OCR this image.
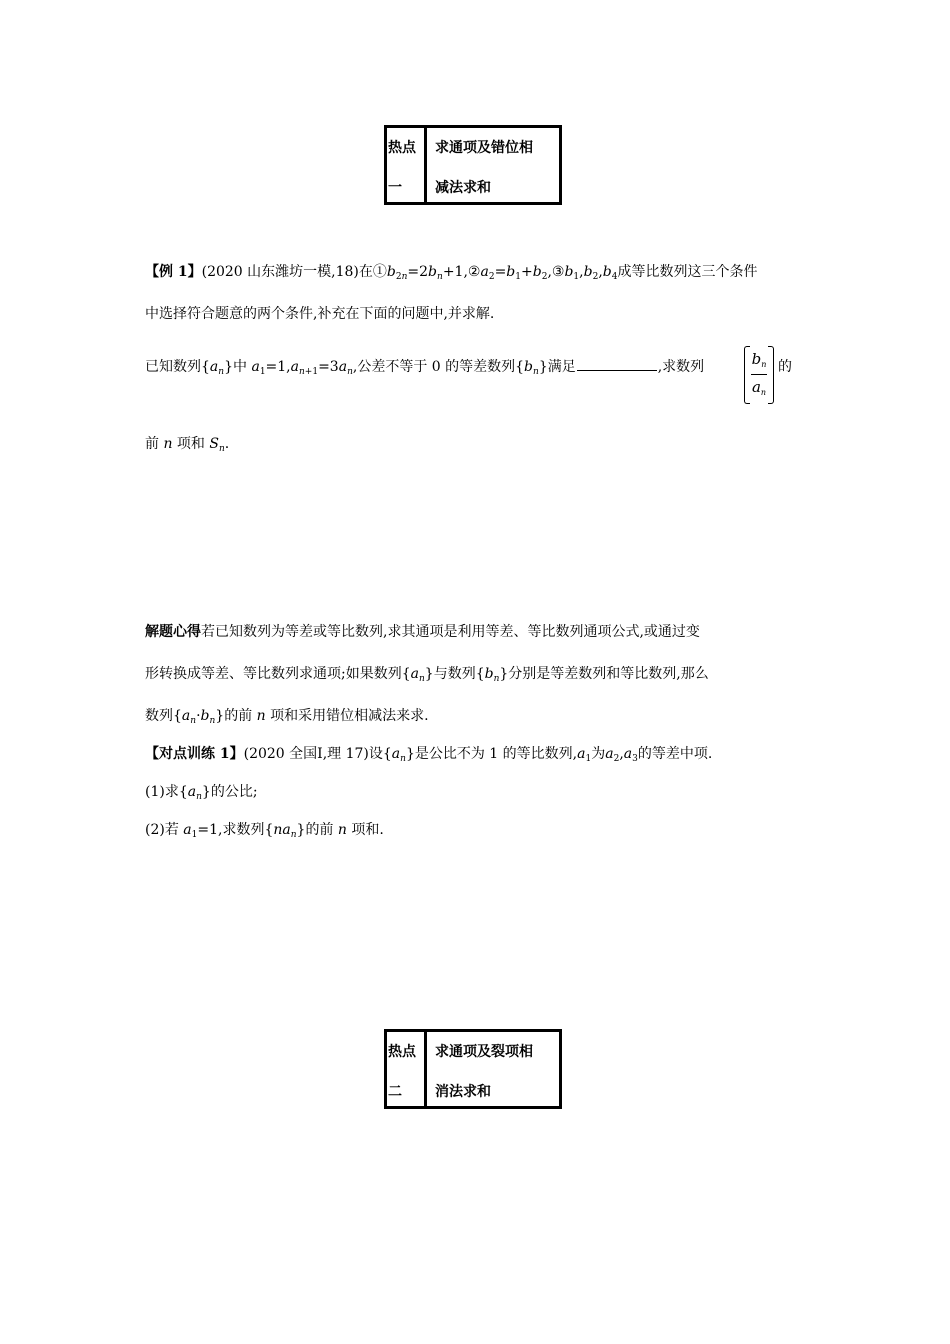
热点
一
求通项及错位相
减法求和
【例 1】(2020 山东潍坊一模,18)在$①b_{2n}=2b_n+1,②a_2=b_1+b_2,③b_1,b_2,b_4$成等比数列这三个条件
中选择符合题意的两个条件,补充在下面的问题中,并求解.
已知数列$\{a_n\}$中 $a_1=1,a_{n+1}=3a_n$,公差不等于 0 的等差数列$\{b_n\}$满足	,求数列	$b_n$
$a_n$
的
前 n 项和 $S_n$.
解题心得若已知数列为等差或等比数列,求其通项是利用等差、等比数列通项公式,或通过变
形转换成等差、等比数列求通项;如果数列$\{a_n\}$与数列$\{b_n\}$分别是等差数列和等比数列,那么
数列$\{a_n\cdot b_n\}$的前 n 项和采用错位相减法来求.
【对点训练 1】(2020 全国Ⅰ,理 17)设$\{a_n\}$是公比不为 1 的等比数列$,a_1$为$a_2,a_3$的等差中项.
(1)求$\{a_n\}$的公比;
(2)若 $a_1=1$,求数列$\{na_n\}$的前 n 项和.
热点
二
求通项及裂项相
消法求和
